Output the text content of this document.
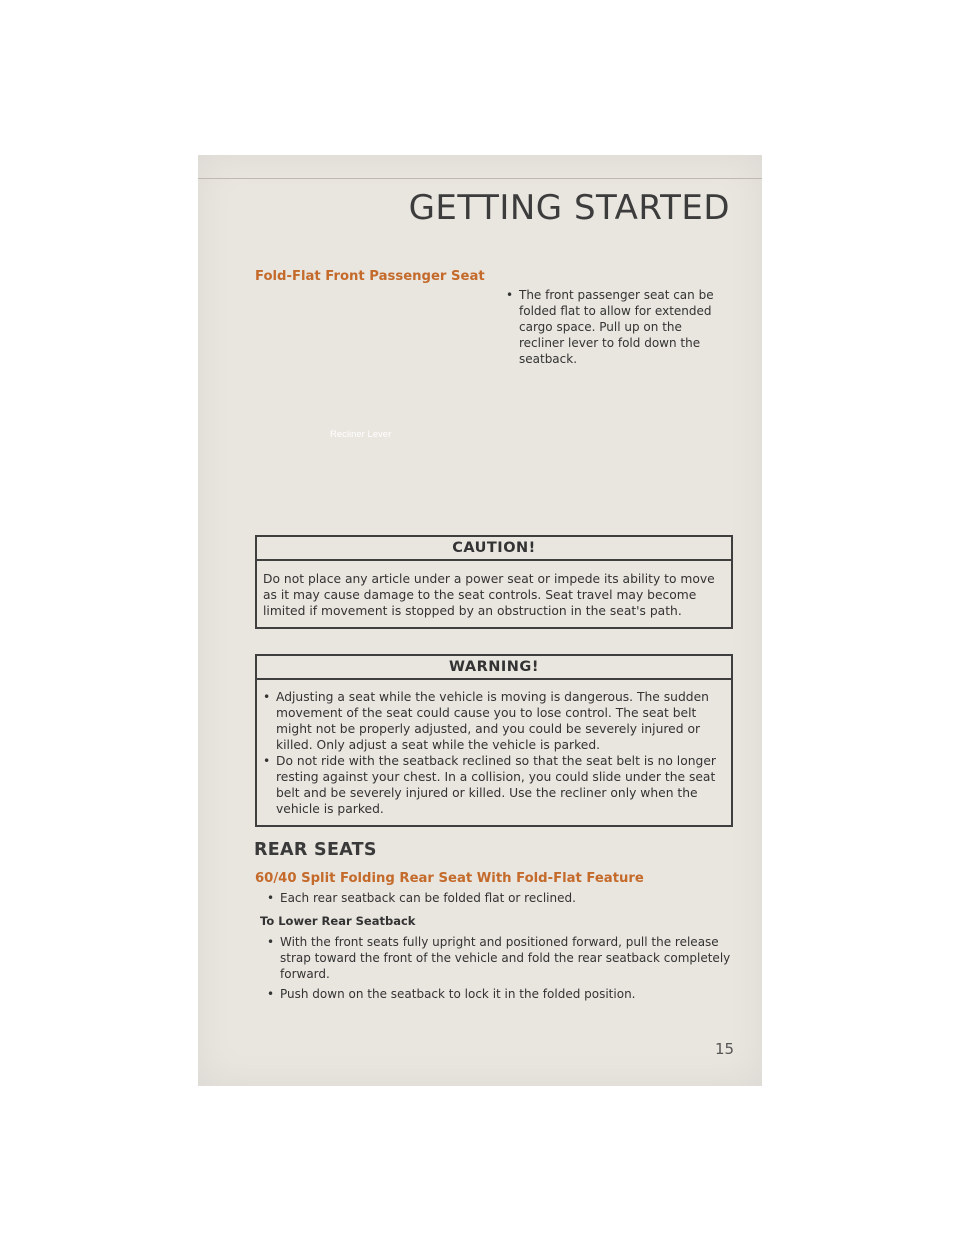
GETTING STARTED
Fold-Flat Front Passenger Seat
• The front passenger seat can be folded flat to allow for extended cargo space. Pull up on the recliner lever to fold down the seatback.
Recliner Lever
CAUTION!
Do not place any article under a power seat or impede its ability to move as it may cause damage to the seat controls. Seat travel may become limited if movement is stopped by an obstruction in the seat's path.
WARNING!
• Adjusting a seat while the vehicle is moving is dangerous. The sudden movement of the seat could cause you to lose control. The seat belt might not be properly adjusted, and you could be severely injured or killed. Only adjust a seat while the vehicle is parked.
• Do not ride with the seatback reclined so that the seat belt is no longer resting against your chest. In a collision, you could slide under the seat belt and be severely injured or killed. Use the recliner only when the vehicle is parked.
REAR SEATS
60/40 Split Folding Rear Seat With Fold-Flat Feature
• Each rear seatback can be folded flat or reclined.
To Lower Rear Seatback
• With the front seats fully upright and positioned forward, pull the release strap toward the front of the vehicle and fold the rear seatback completely forward.
• Push down on the seatback to lock it in the folded position.
15
